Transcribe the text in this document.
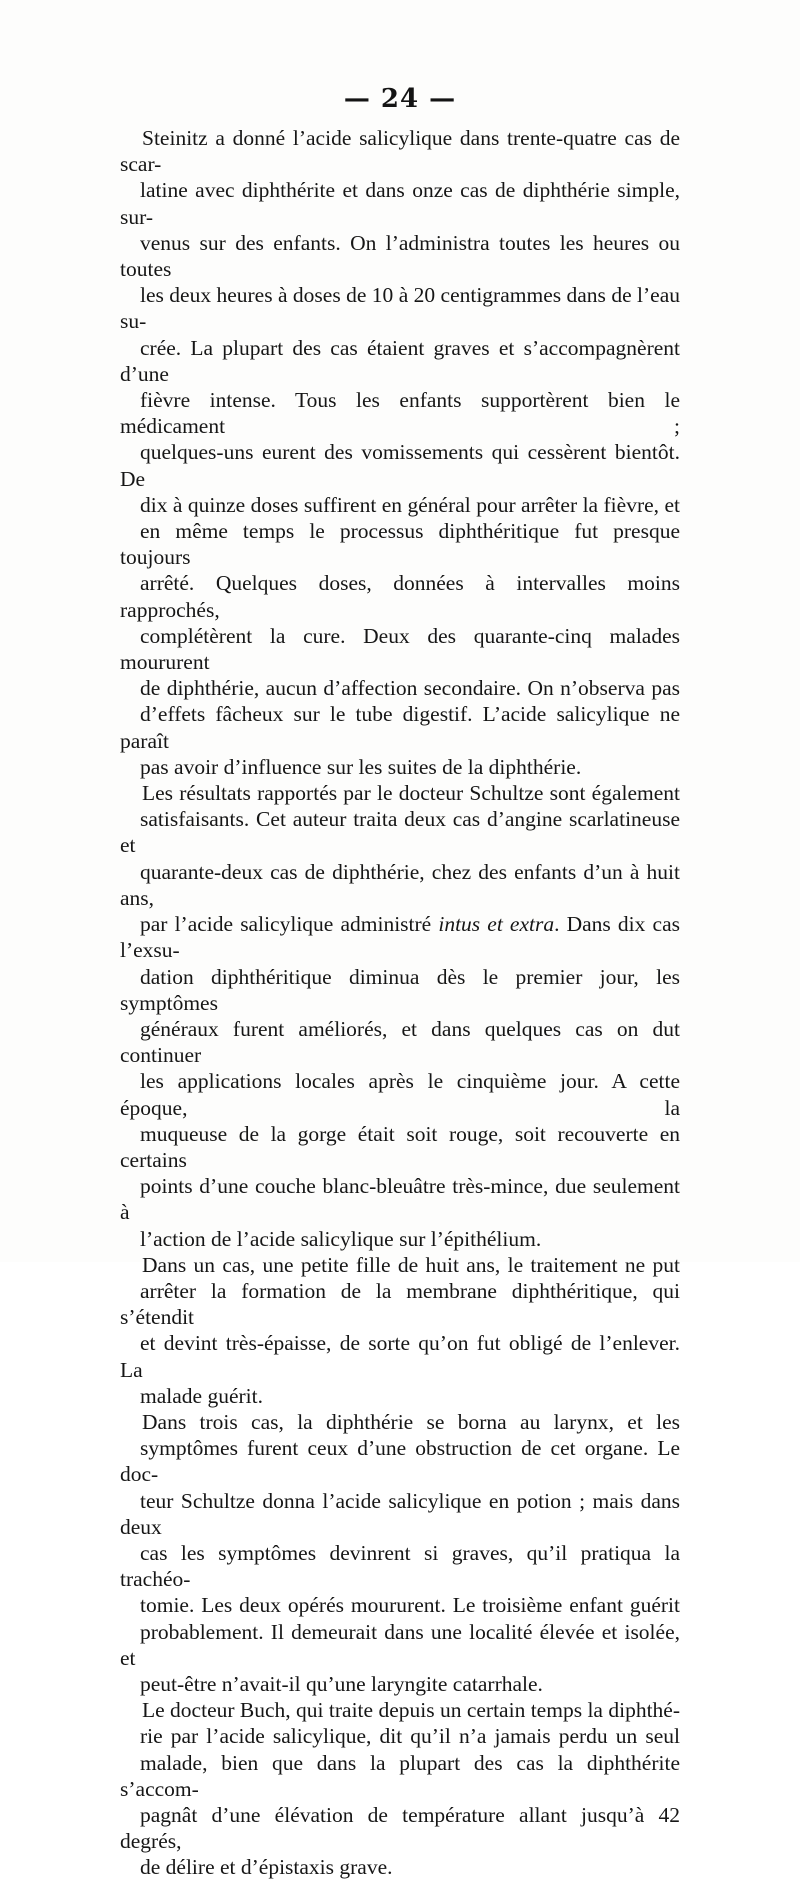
— 24 —
Steinitz a donné l’acide salicylique dans trente-quatre cas de scar-
latine avec diphthérite et dans onze cas de diphthérie simple, sur-
venus sur des enfants. On l’administra toutes les heures ou toutes
les deux heures à doses de 10 à 20 centigrammes dans de l’eau su-
crée. La plupart des cas étaient graves et s’accompagnèrent d’une
fièvre intense. Tous les enfants supportèrent bien le médicament ;
quelques-uns eurent des vomissements qui cessèrent bientôt. De
dix à quinze doses suffirent en général pour arrêter la fièvre, et
en même temps le processus diphthéritique fut presque toujours
arrêté. Quelques doses, données à intervalles moins rapprochés,
complétèrent la cure. Deux des quarante-cinq malades moururent
de diphthérie, aucun d’affection secondaire. On n’observa pas
d’effets fâcheux sur le tube digestif. L’acide salicylique ne paraît
pas avoir d’influence sur les suites de la diphthérie.
Les résultats rapportés par le docteur Schultze sont également
satisfaisants. Cet auteur traita deux cas d’angine scarlatineuse et
quarante-deux cas de diphthérie, chez des enfants d’un à huit ans,
par l’acide salicylique administré intus et extra. Dans dix cas l’exsu-
dation diphthéritique diminua dès le premier jour, les symptômes
généraux furent améliorés, et dans quelques cas on dut continuer
les applications locales après le cinquième jour. A cette époque, la
muqueuse de la gorge était soit rouge, soit recouverte en certains
points d’une couche blanc-bleuâtre très-mince, due seulement à
l’action de l’acide salicylique sur l’épithélium.
Dans un cas, une petite fille de huit ans, le traitement ne put
arrêter la formation de la membrane diphthéritique, qui s’étendit
et devint très-épaisse, de sorte qu’on fut obligé de l’enlever. La
malade guérit.
Dans trois cas, la diphthérie se borna au larynx, et les
symptômes furent ceux d’une obstruction de cet organe. Le doc-
teur Schultze donna l’acide salicylique en potion ; mais dans deux
cas les symptômes devinrent si graves, qu’il pratiqua la trachéo-
tomie. Les deux opérés moururent. Le troisième enfant guérit
probablement. Il demeurait dans une localité élevée et isolée, et
peut-être n’avait-il qu’une laryngite catarrhale.
Le docteur Buch, qui traite depuis un certain temps la diphthé-
rie par l’acide salicylique, dit qu’il n’a jamais perdu un seul
malade, bien que dans la plupart des cas la diphthérite s’accom-
pagnât d’une élévation de température allant jusqu’à 42 degrés,
de délire et d’épistaxis grave.
